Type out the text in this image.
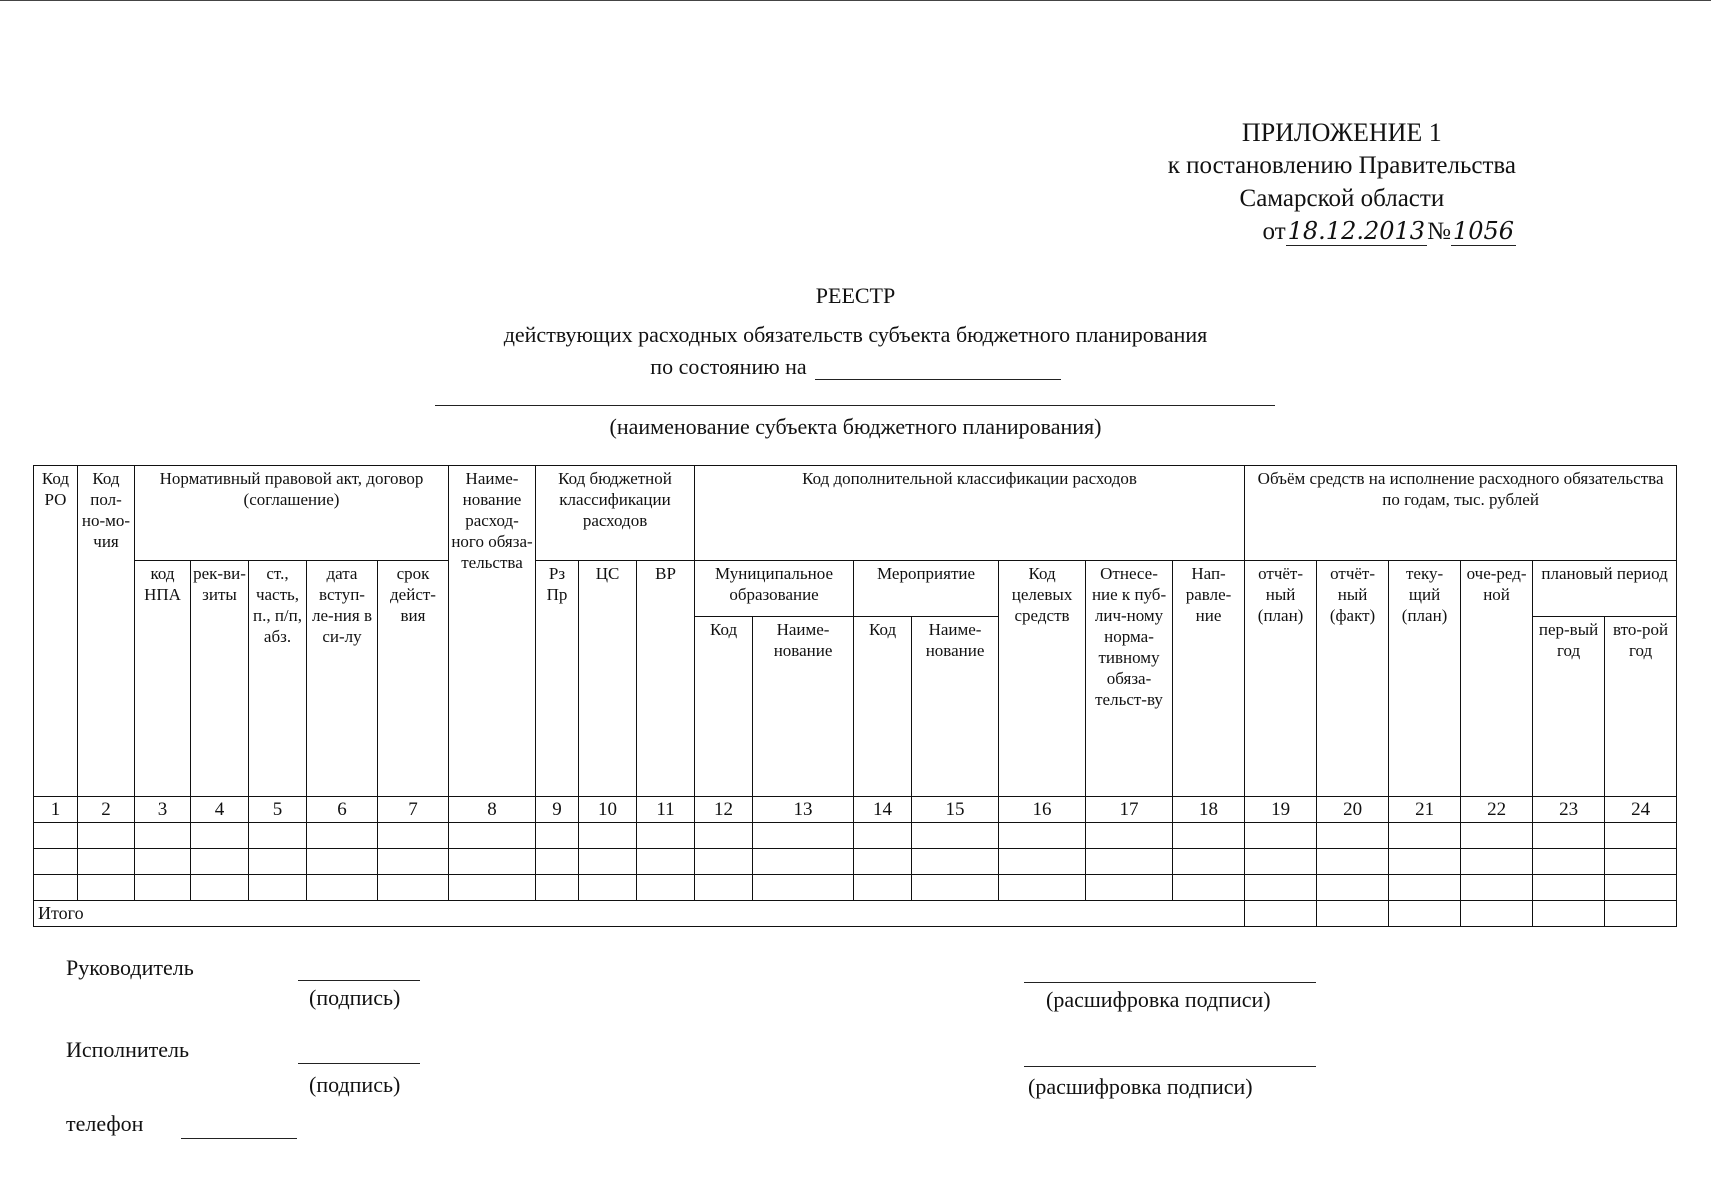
ПРИЛОЖЕНИЕ 1
к постановлению Правительства
Самарской области
от18.12.2013№1056
РЕЕСТР
действующих расходных обязательств субъекта бюджетного планирования
по состоянию на
(наименование субъекта бюджетного планирования)
Код РО	Код пол-но-мо-чия	Нормативный правовой акт, договор (соглашение)					Наиме-нование расход-ного обяза-тельства	Код бюджетной классификации расходов			Код дополнительной классификации расходов							Объём средств на исполнение расходного обязательства по годам, тыс. рублей					
		код НПА	рек-ви-зиты	ст., часть, п., п/п, абз.	дата вступ-ле-ния в си-лу	срок дейст-вия		Рз Пр	ЦС	ВР	Муниципальное образование		Мероприятие		Код целевых средств	Отнесе-ние к пуб-лич-ному норма-тивному обяза-тельст-ву	Нап-равле-ние	отчёт-ный (план)	отчёт-ный (факт)	теку-щий (план)	оче-ред-ной	плановый период	
											Код	Наиме-нование	Код	Наиме-нование								пер-вый год	вто-рой год
1	2	3	4	5	6	7	8	9	10	11	12	13	14	15	16	17	18	19	20	21	22	23	24

Итого																							
Руководитель
(подпись)	(расшифровка подписи)
Исполнитель
(подпись)	(расшифровка подписи)
телефон
